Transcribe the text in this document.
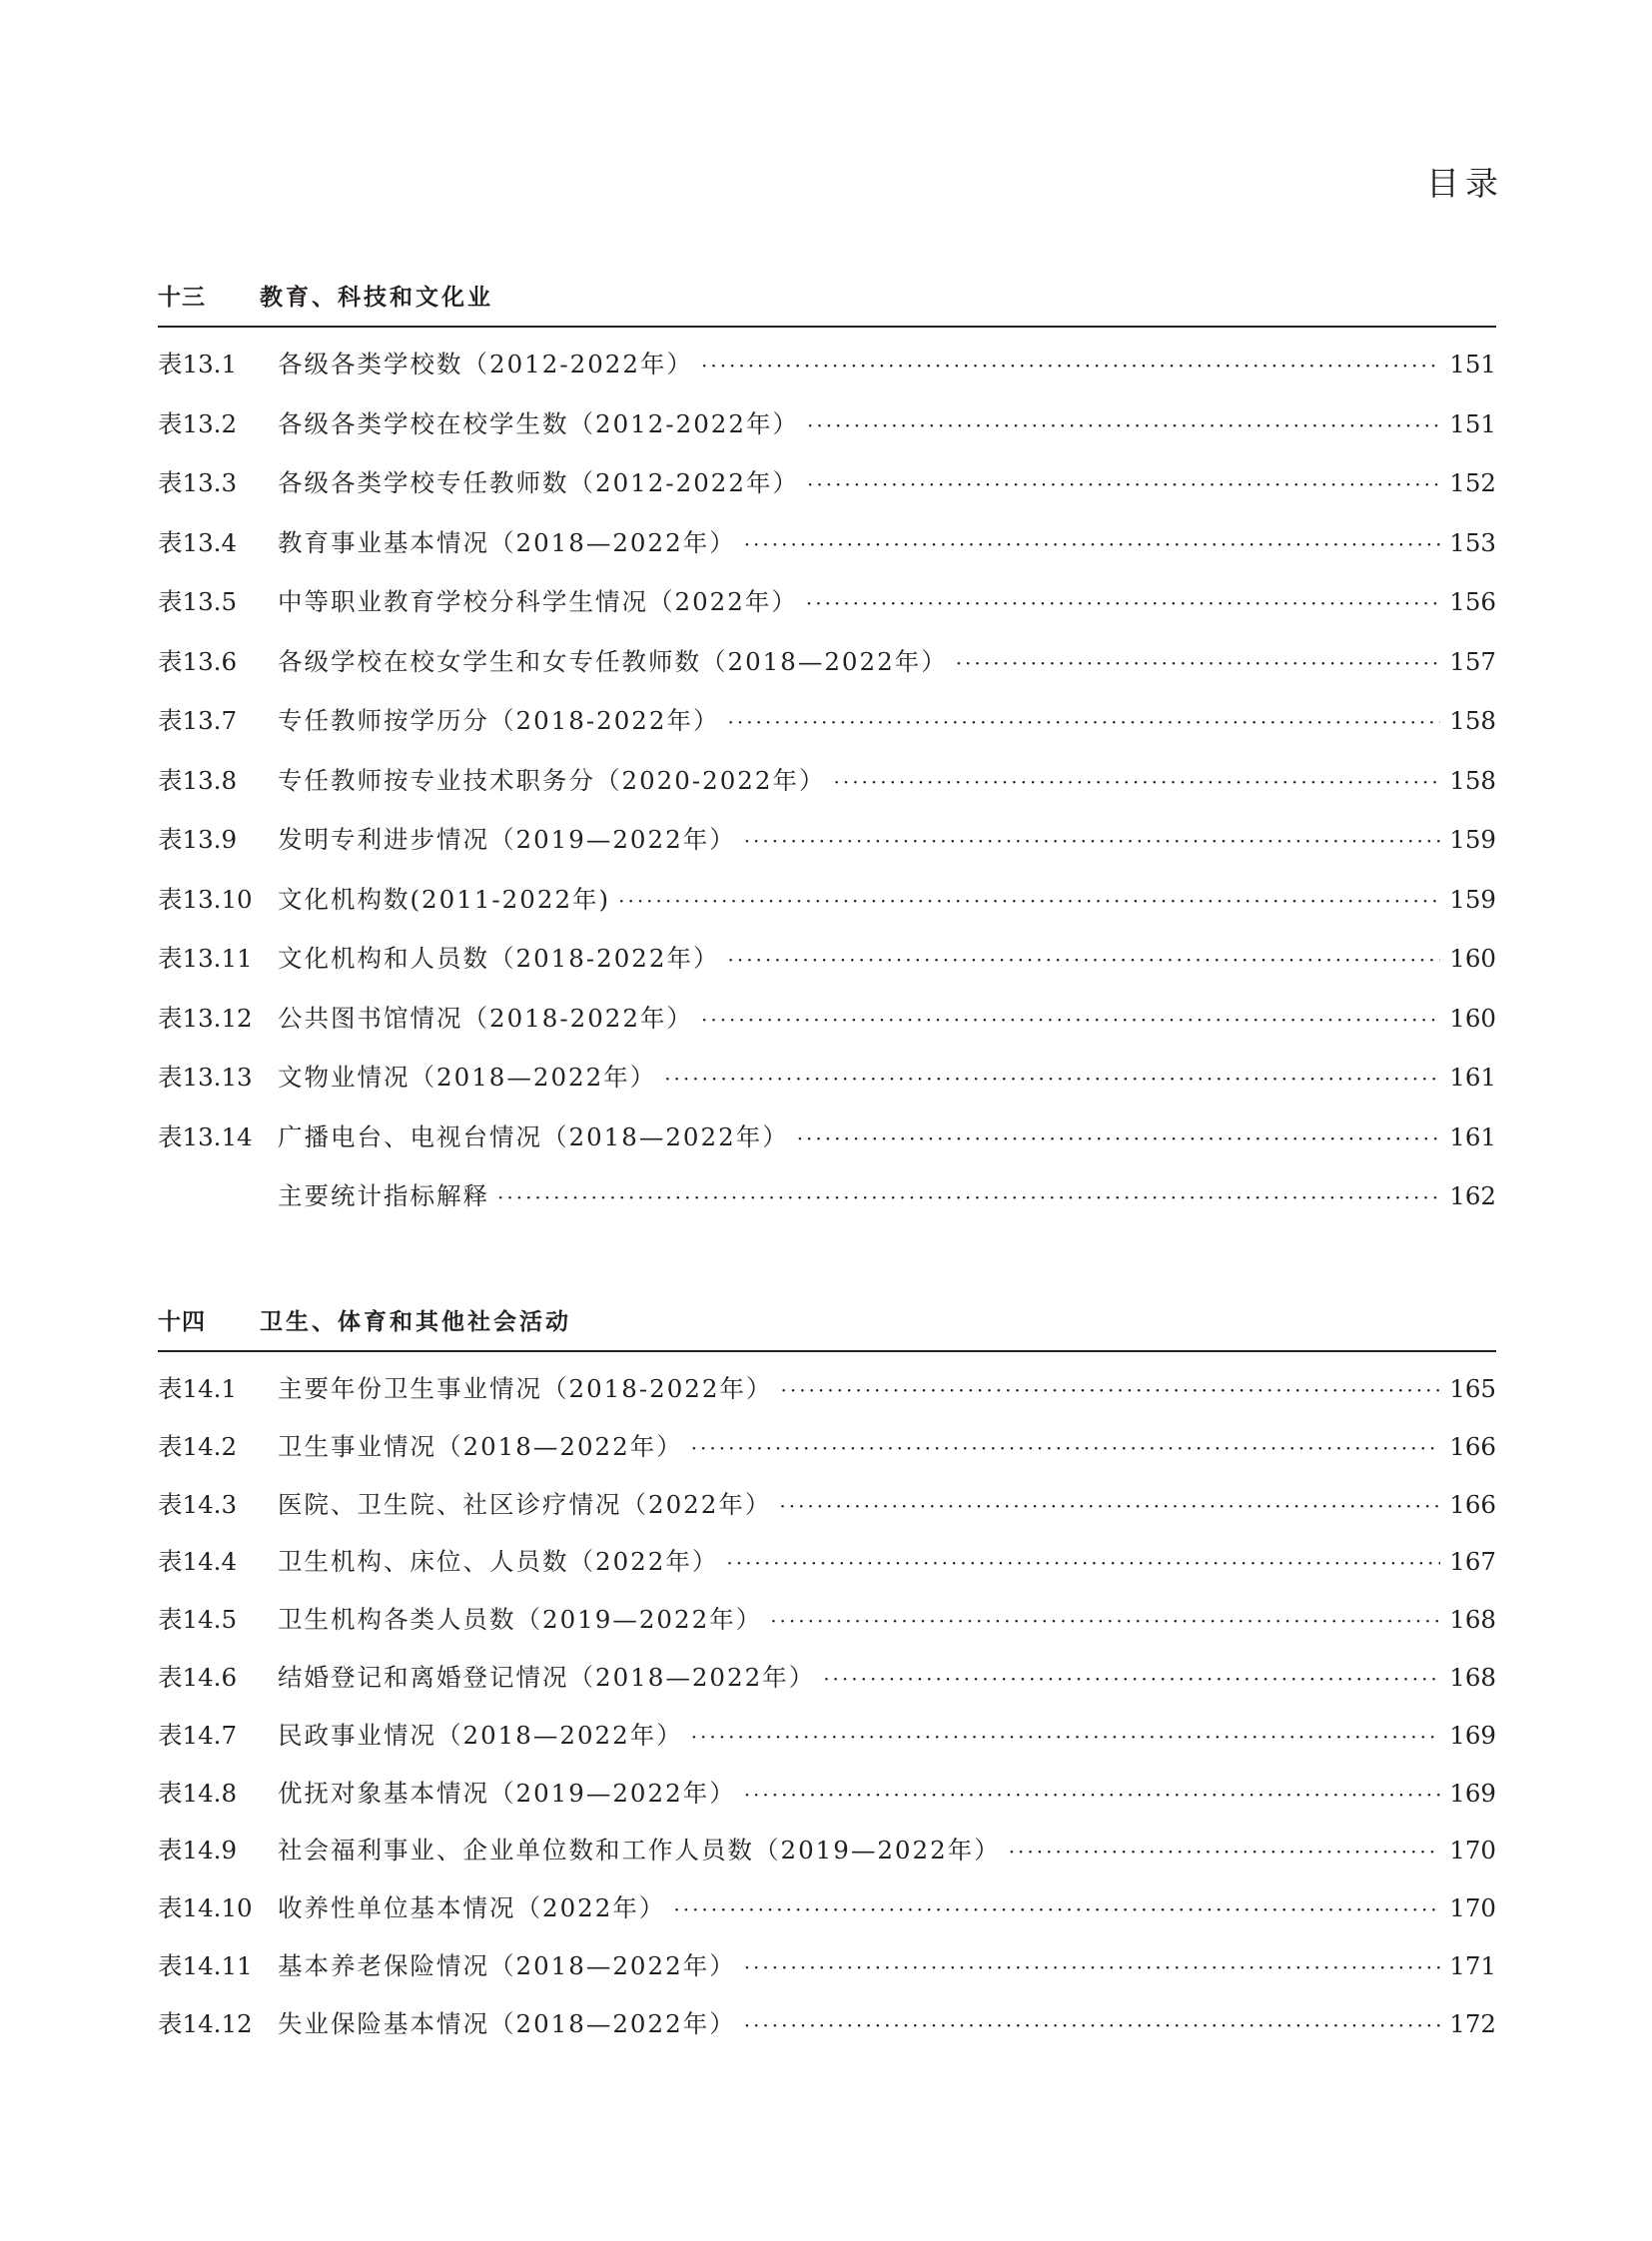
目录
十三 教育、科技和文化业
表13.1	各级各类学校数（2012-2022年） ·····	151
表13.2	各级各类学校在校学生数（2012-2022年） ·····	151
表13.3	各级各类学校专任教师数（2012-2022年） ·····	152
表13.4	教育事业基本情况（2018—2022年） ·····	153
表13.5	中等职业教育学校分科学生情况（2022年） ·····	156
表13.6	各级学校在校女学生和女专任教师数（2018—2022年） ·····	157
表13.7	专任教师按学历分（2018-2022年） ·····	158
表13.8	专任教师按专业技术职务分（2020-2022年） ·····	158
表13.9	发明专利进步情况（2019—2022年） ·····	159
表13.10	文化机构数(2011-2022年) ·····	159
表13.11	文化机构和人员数（2018-2022年） ·····	160
表13.12	公共图书馆情况（2018-2022年） ·····	160
表13.13	文物业情况（2018—2022年） ·····	161
表13.14	广播电台、电视台情况（2018—2022年） ·····	161
主要统计指标解释 ·····	162
十四 卫生、体育和其他社会活动
表14.1	主要年份卫生事业情况（2018-2022年） ·····	165
表14.2	卫生事业情况（2018—2022年） ·····	166
表14.3	医院、卫生院、社区诊疗情况（2022年） ·····	166
表14.4	卫生机构、床位、人员数（2022年） ·····	167
表14.5	卫生机构各类人员数（2019—2022年） ·····	168
表14.6	结婚登记和离婚登记情况（2018—2022年） ·····	168
表14.7	民政事业情况（2018—2022年） ·····	169
表14.8	优抚对象基本情况（2019—2022年） ·····	169
表14.9	社会福利事业、企业单位数和工作人员数（2019—2022年） ·····	170
表14.10	收养性单位基本情况（2022年） ·····	170
表14.11	基本养老保险情况（2018—2022年） ·····	171
表14.12	失业保险基本情况（2018—2022年） ·····	172
